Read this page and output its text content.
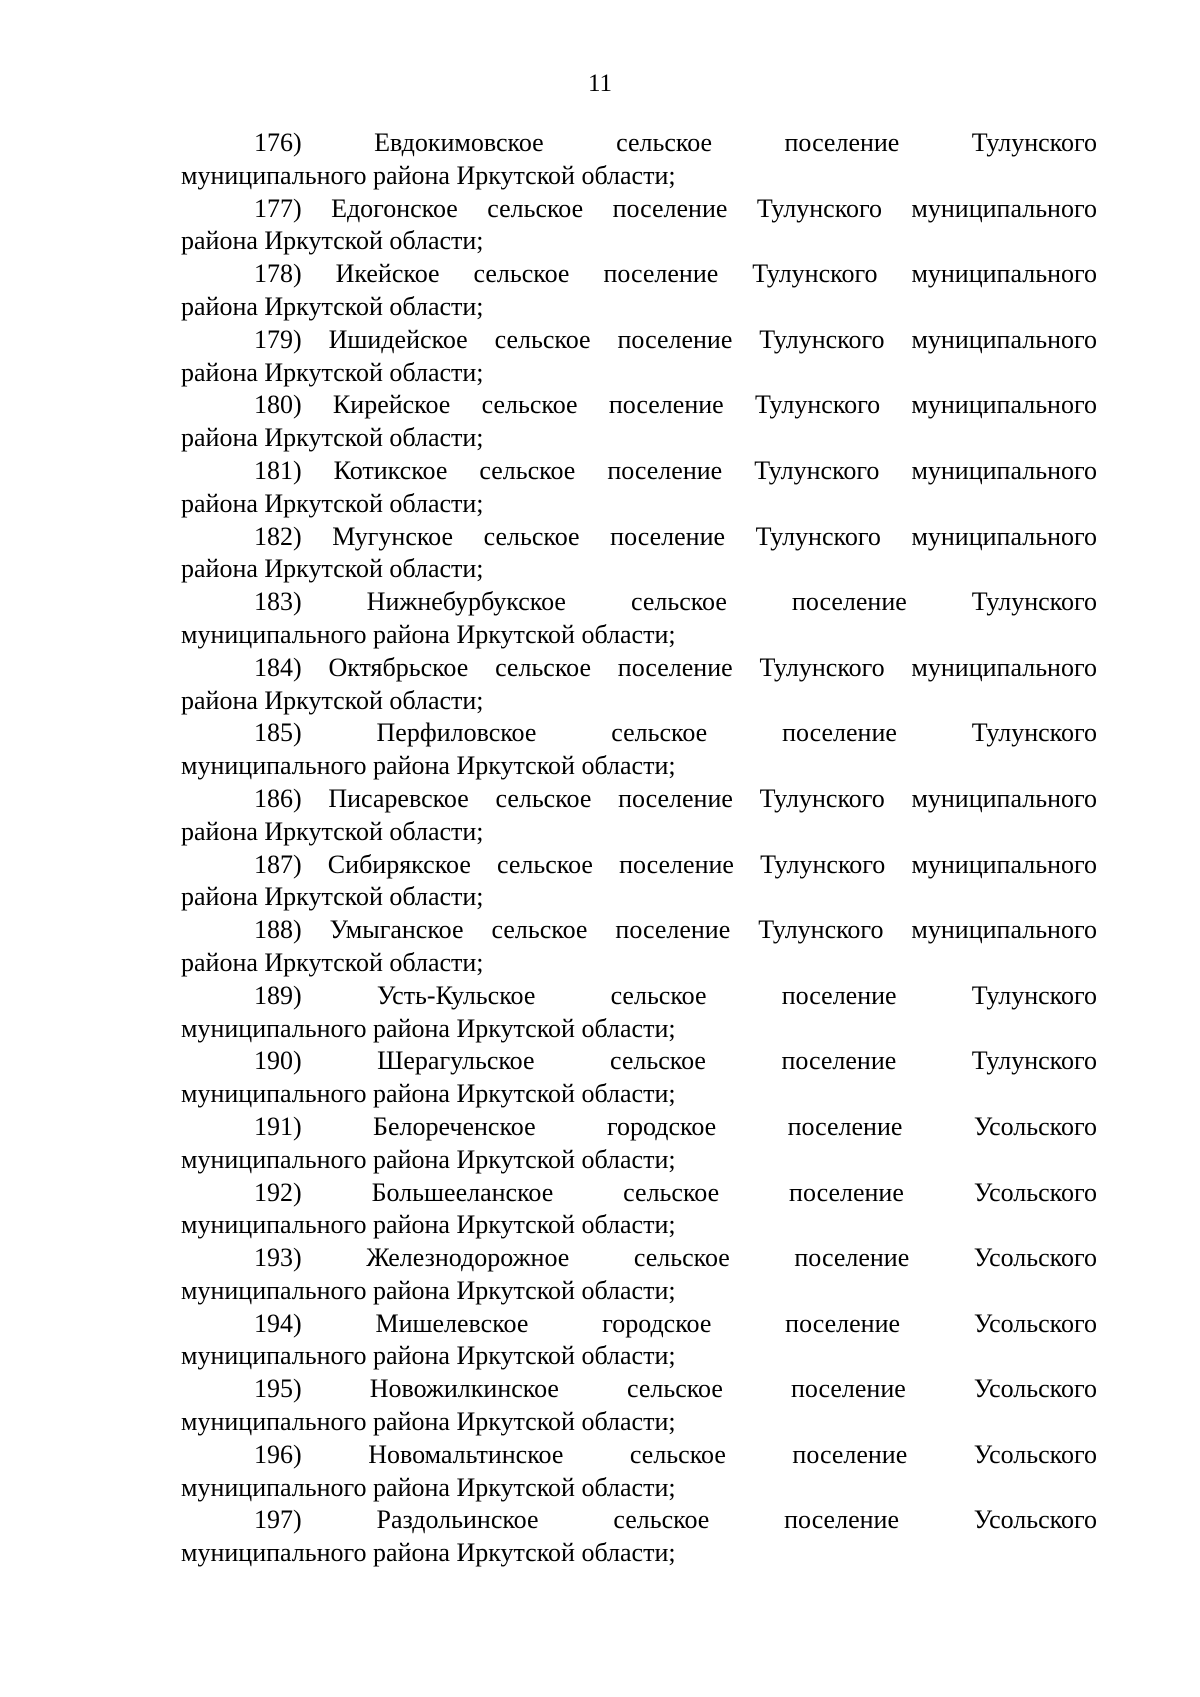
11

176) Евдокимовское сельское поселение Тулунского
муниципального района Иркутской области;

177) Едогонское сельское поселение Тулунского муниципального
района Иркутской области;

178) Икейское сельское поселение Тулунского муниципального
района Иркутской области;

179) Ишидейское сельское поселение Тулунского муниципального
района Иркутской области;

180) Кирейское сельское поселение Тулунского муниципального
района Иркутской области;

181) Котикское сельское поселение Тулунского муниципального
района Иркутской области;

182) Мугунское сельское поселение Тулунского муниципального
района Иркутской области;

183) Нижнебурбукское сельское поселение Тулунского
муниципального района Иркутской области;

184) Октябрьское сельское поселение Тулунского муниципального
района Иркутской области;

185) Перфиловское сельское поселение Тулунского
муниципального района Иркутской области;

186) Писаревское сельское поселение Тулунского муниципального
района Иркутской области;

187) Сибирякское сельское поселение Тулунского муниципального
района Иркутской области;

188) Умыганское сельское поселение Тулунского муниципального
района Иркутской области;

189) Усть-Кульское сельское поселение Тулунского
муниципального района Иркутской области;

190) Шерагульское сельское поселение Тулунского
муниципального района Иркутской области;

191) Белореченское городское поселение Усольского
муниципального района Иркутской области;

192) Большееланское сельское поселение Усольского
муниципального района Иркутской области;

193) Железнодорожное сельское поселение Усольского
муниципального района Иркутской области;

194) Мишелевское городское поселение Усольского
муниципального района Иркутской области;

195) Новожилкинское сельское поселение Усольского
муниципального района Иркутской области;

196) Новомальтинское сельское поселение Усольского
муниципального района Иркутской области;

197) Раздольинское сельское поселение Усольского
муниципального района Иркутской области;
